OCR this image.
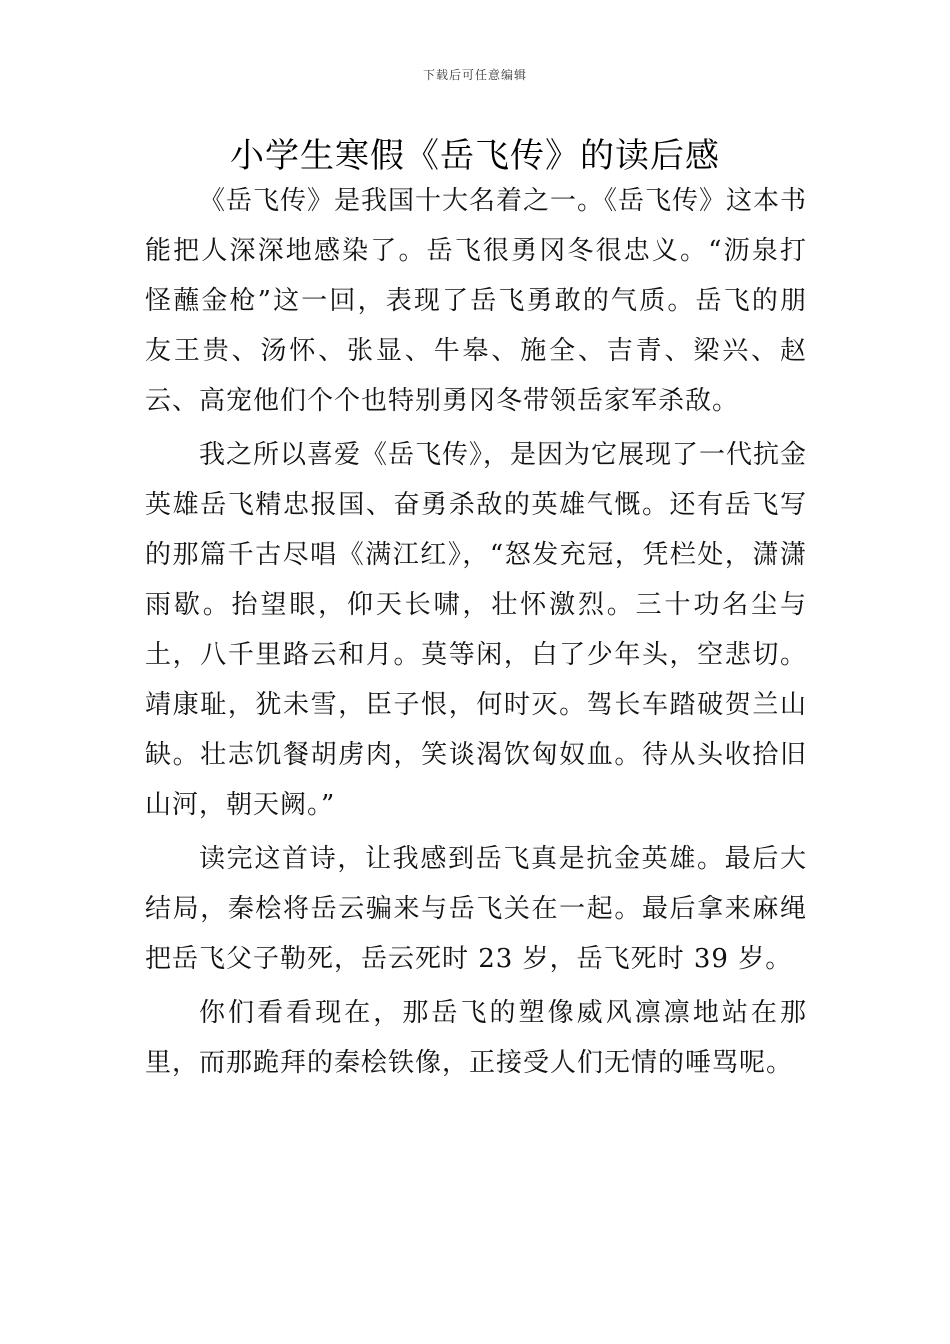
下载后可任意编辑
小学生寒假《岳飞传》的读后感

《岳飞传》是我国十大名着之一。《岳飞传》这本书能把人深深地感染了。岳飞很勇冈冬很忠义。“沥泉打怪蘸金枪”这一回，表现了岳飞勇敢的气质。岳飞的朋友王贵、汤怀、张显、牛皋、施全、吉青、梁兴、赵云、高宠他们个个也特别勇冈冬带领岳家军杀敌。

我之所以喜爱《岳飞传》，是因为它展现了一代抗金英雄岳飞精忠报国、奋勇杀敌的英雄气慨。还有岳飞写的那篇千古尽唱《满江红》，“怒发充冠，凭栏处，潇潇雨歇。抬望眼，仰天长啸，壮怀激烈。三十功名尘与土，八千里路云和月。莫等闲，白了少年头，空悲切。靖康耻，犹未雪，臣子恨，何时灭。驾长车踏破贺兰山缺。壮志饥餐胡虏肉，笑谈渴饮匈奴血。待从头收拾旧山河，朝天阙。”

读完这首诗，让我感到岳飞真是抗金英雄。最后大结局，秦桧将岳云骗来与岳飞关在一起。最后拿来麻绳把岳飞父子勒死，岳云死时 23 岁，岳飞死时 39 岁。

你们看看现在，那岳飞的塑像威风凛凛地站在那里，而那跪拜的秦桧铁像，正接受人们无情的唾骂呢。
